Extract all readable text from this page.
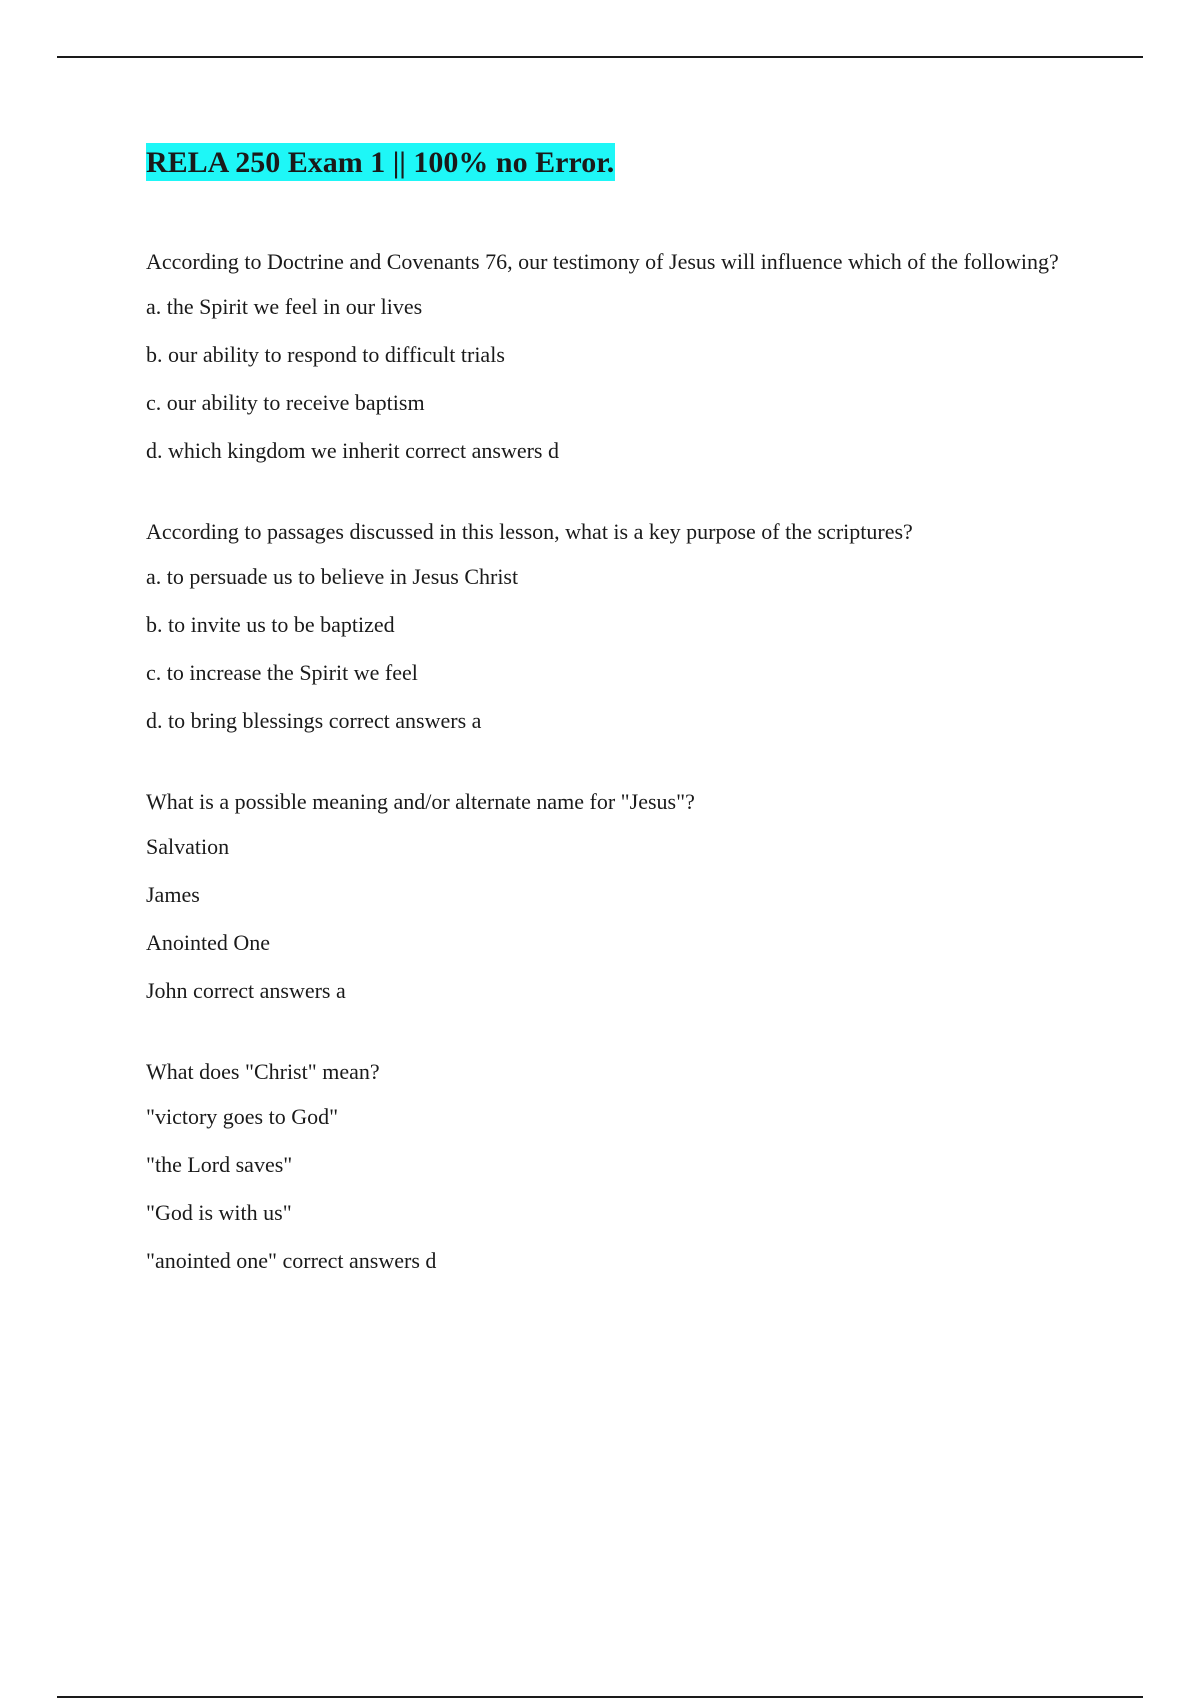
RELA 250 Exam 1 || 100% no Error.

According to Doctrine and Covenants 76, our testimony of Jesus will influence which of the following?

a. the Spirit we feel in our lives

b. our ability to respond to difficult trials

c. our ability to receive baptism

d. which kingdom we inherit correct answers d

According to passages discussed in this lesson, what is a key purpose of the scriptures?

a. to persuade us to believe in Jesus Christ

b. to invite us to be baptized

c. to increase the Spirit we feel

d. to bring blessings correct answers a

What is a possible meaning and/or alternate name for "Jesus"?

Salvation

James

Anointed One

John correct answers a

What does "Christ" mean?

"victory goes to God"

"the Lord saves"

"God is with us"

"anointed one" correct answers d
